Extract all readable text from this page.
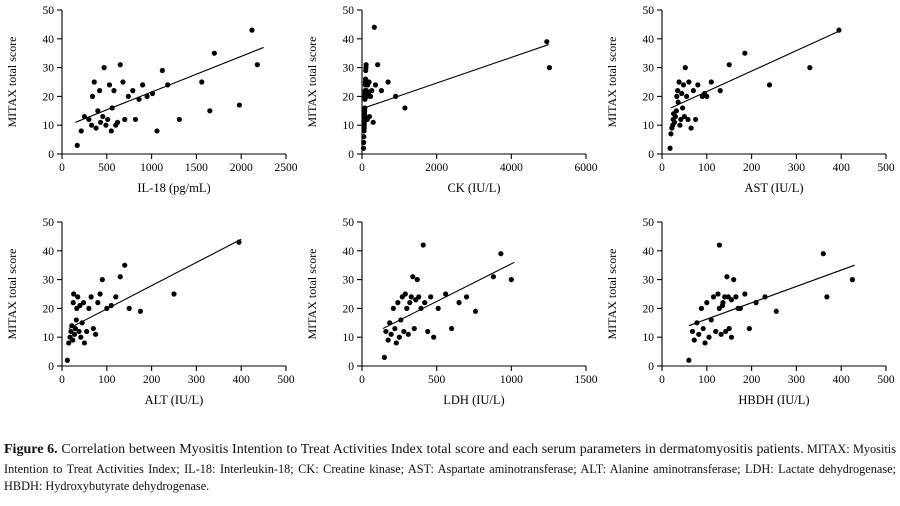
0	500 1000 1500 2000 2500
0
10
20
30
40
50
MITAX total score
IL-18 (pg/mL)
0	2000	4000	6000
0
10
20
30
40
50
MITAX total score
CK (IU/L)
0	100 200 300 400 500
0
10
20
30
40
50
MITAX total score
AST (IU/L)
0	100 200 300 400 500
0
10
20
30
40
50
MITAX total score
ALT (IU/L)
0	500	1000	1500
0
10
20
30
40
50
MITAX total score
LDH (IU/L)
0	100 200 300 400 500
0
10
20
30
40
50
MITAX total score
HBDH (IU/L)
Figure 6. Correlation between Myositis Intention to Treat Activities Index total score and each serum parameters in dermatomyositis patients. MITAX: Myositis Intention to Treat Activities Index; IL-18: Interleukin-18; CK: Creatine kinase; AST: Aspartate aminotransferase; ALT: Alanine aminotransferase; LDH: Lactate dehydrogenase; HBDH: Hydroxybutyrate dehydrogenase.
